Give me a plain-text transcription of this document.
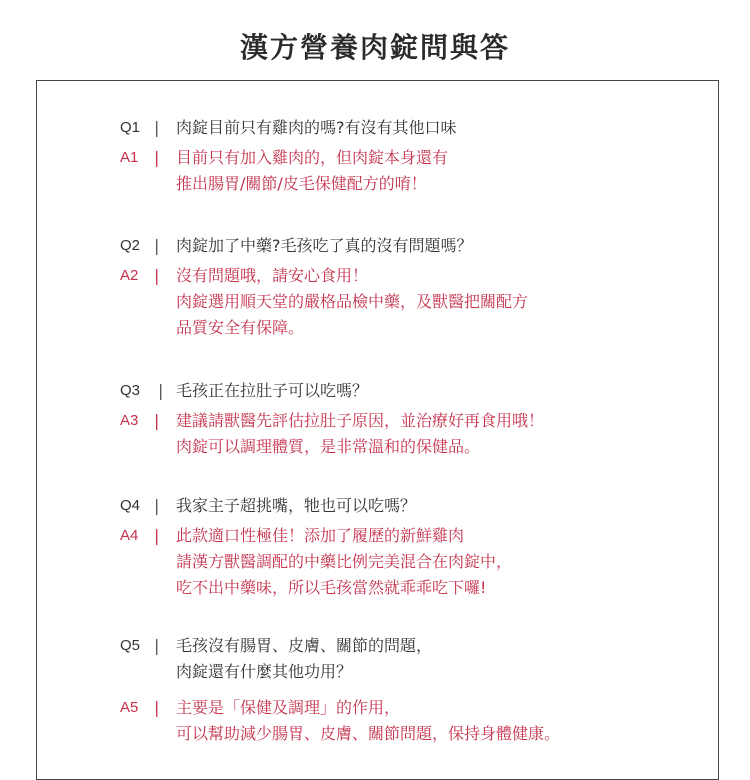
漢方營養肉錠問與答
Q1 |	肉錠目前只有雞肉的嗎?有沒有其他口味
A1 |	目前只有加入雞肉的，但肉錠本身還有
推出腸胃/關節/皮毛保健配方的唷！
Q2 |	肉錠加了中藥?毛孩吃了真的沒有問題嗎？
A2 |	沒有問題哦，請安心食用！
肉錠選用順天堂的嚴格品檢中藥，及獸醫把關配方
品質安全有保障。
Q3	| 毛孩正在拉肚子可以吃嗎？
A3 |	建議請獸醫先評估拉肚子原因，並治療好再食用哦！
肉錠可以調理體質，是非常溫和的保健品。
Q4 |	我家主子超挑嘴，牠也可以吃嗎？
A4 |	此款適口性極佳！添加了履歷的新鮮雞肉
請漢方獸醫調配的中藥比例完美混合在肉錠中，
吃不出中藥味，所以毛孩當然就乖乖吃下囉!
Q5 |	毛孩沒有腸胃、皮膚、關節的問題，
肉錠還有什麼其他功用？
A5 |	主要是「保健及調理」的作用，
可以幫助減少腸胃、皮膚、關節問題，保持身體健康。
